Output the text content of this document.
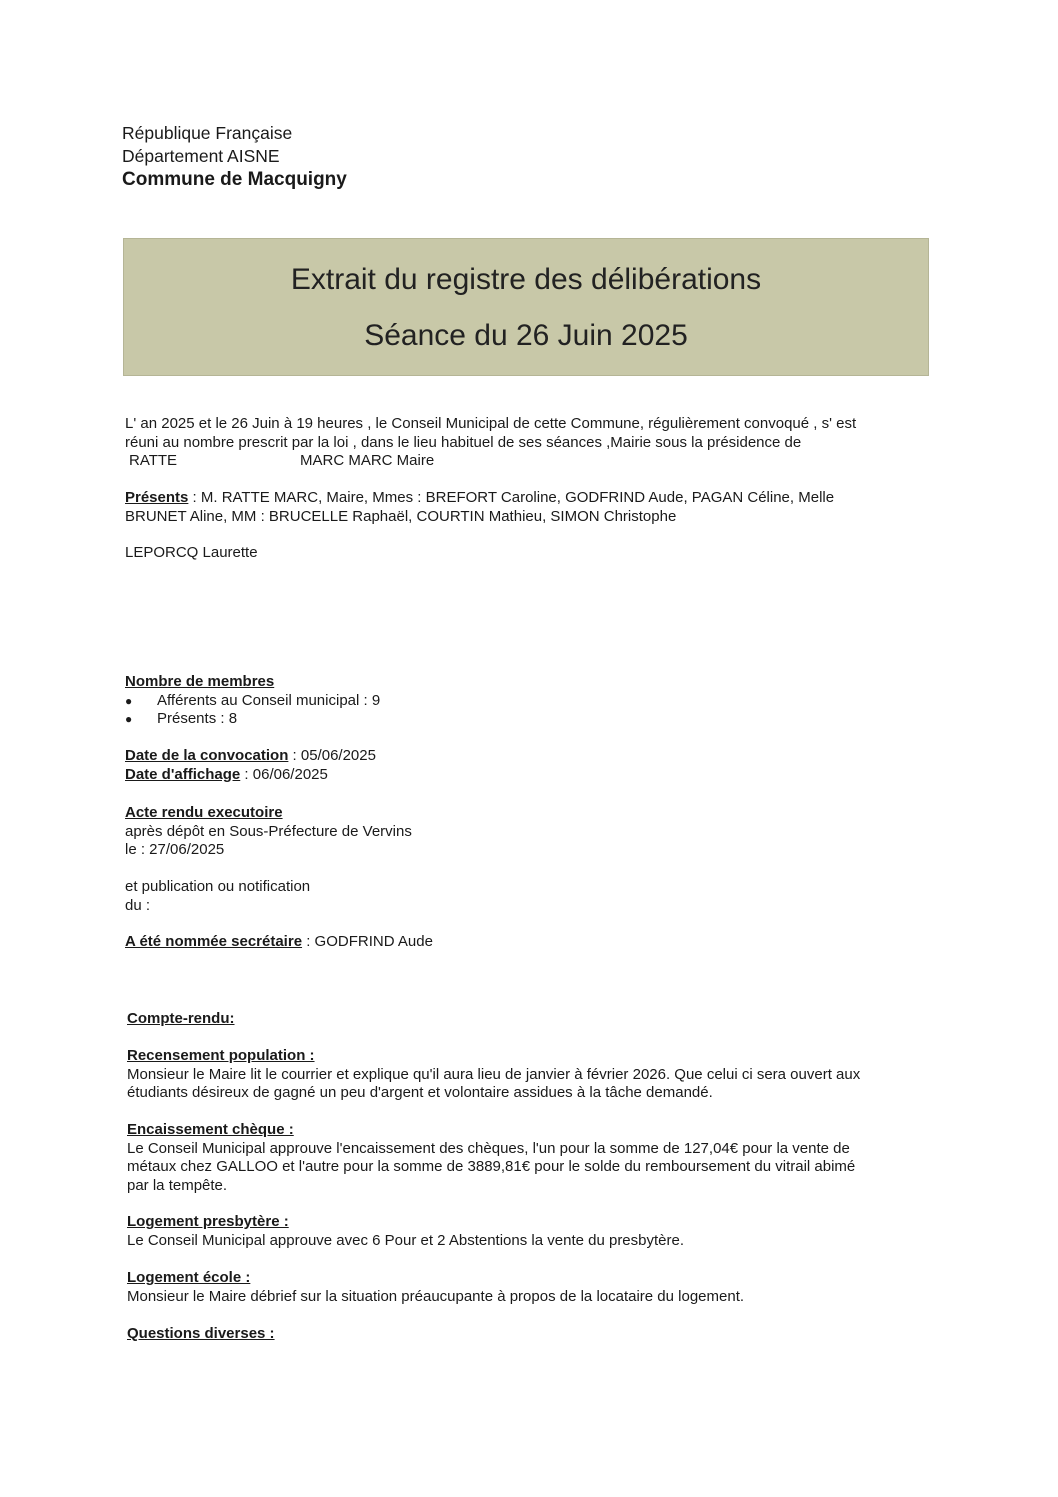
République Française
Département AISNE
Commune de Macquigny
Extrait du registre des délibérations
Séance du 26 Juin 2025
L' an 2025 et le 26 Juin à 19 heures , le Conseil Municipal de cette Commune, régulièrement convoqué , s' est
réuni au nombre prescrit par la loi , dans le lieu habituel de ses séances ,Mairie sous la présidence de
RATTE	MARC MARC Maire
Présents : M. RATTE MARC, Maire, Mmes : BREFORT Caroline, GODFRIND Aude, PAGAN Céline, Melle
BRUNET Aline, MM : BRUCELLE Raphaël, COURTIN Mathieu, SIMON Christophe
LEPORCQ Laurette
Nombre de membres
● Afférents au Conseil municipal : 9
● Présents : 8
Date de la convocation : 05/06/2025
Date d'affichage : 06/06/2025
Acte rendu executoire
après dépôt en Sous-Préfecture de Vervins
le : 27/06/2025
et publication ou notification
du :
A été nommée secrétaire : GODFRIND Aude
Compte-rendu:
Recensement population :
Monsieur le Maire lit le courrier et explique qu'il aura lieu de janvier à février 2026. Que celui ci sera ouvert aux
étudiants désireux de gagné un peu d'argent et volontaire assidues à la tâche demandé.
Encaissement chèque :
Le Conseil Municipal approuve l'encaissement des chèques, l'un pour la somme de 127,04€ pour la vente de
métaux chez GALLOO et l'autre pour la somme de 3889,81€ pour le solde du remboursement du vitrail abimé
par la tempête.
Logement presbytère :
Le Conseil Municipal approuve avec 6 Pour et 2 Abstentions la vente du presbytère.
Logement école :
Monsieur le Maire débrief sur la situation préaucupante à propos de la locataire du logement.
Questions diverses :
